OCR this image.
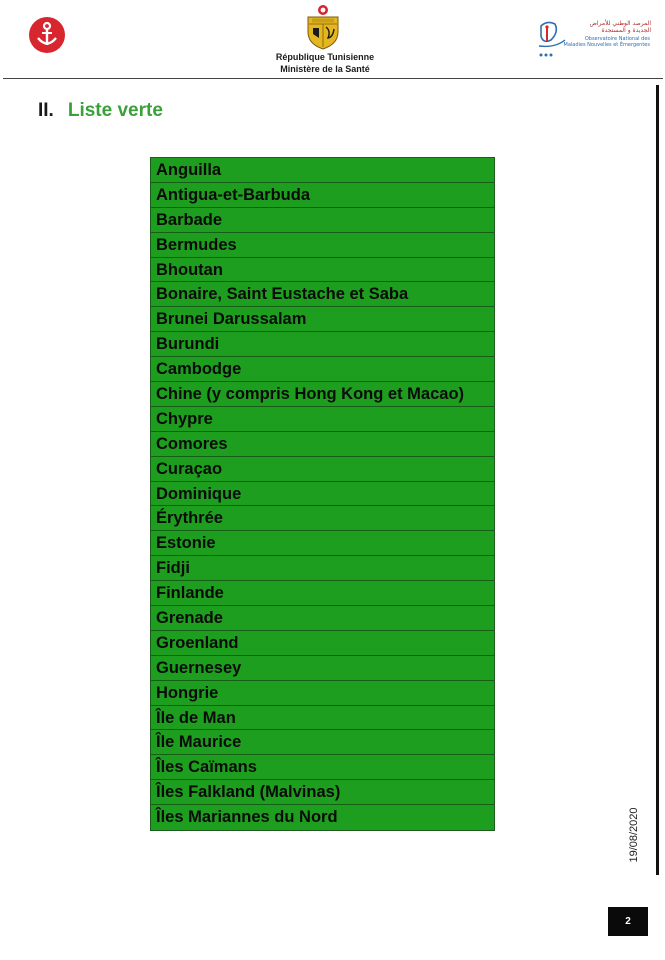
République Tunisienne
Ministère de la Santé
المرصد الوطني للأمراض
الجديدة و المستجدة
Observatoire National des
Maladies Nouvelles et Émergentes
II. Liste verte
Anguilla
Antigua-et-Barbuda
Barbade
Bermudes
Bhoutan
Bonaire, Saint Eustache et Saba
Brunei Darussalam
Burundi
Cambodge
Chine (y compris Hong Kong et Macao)
Chypre
Comores
Curaçao
Dominique
Érythrée
Estonie
Fidji
Finlande
Grenade
Groenland
Guernesey
Hongrie
Île de Man
Île Maurice
Îles Caïmans
Îles Falkland (Malvinas)
Îles Mariannes du Nord	19/08/2020
2
